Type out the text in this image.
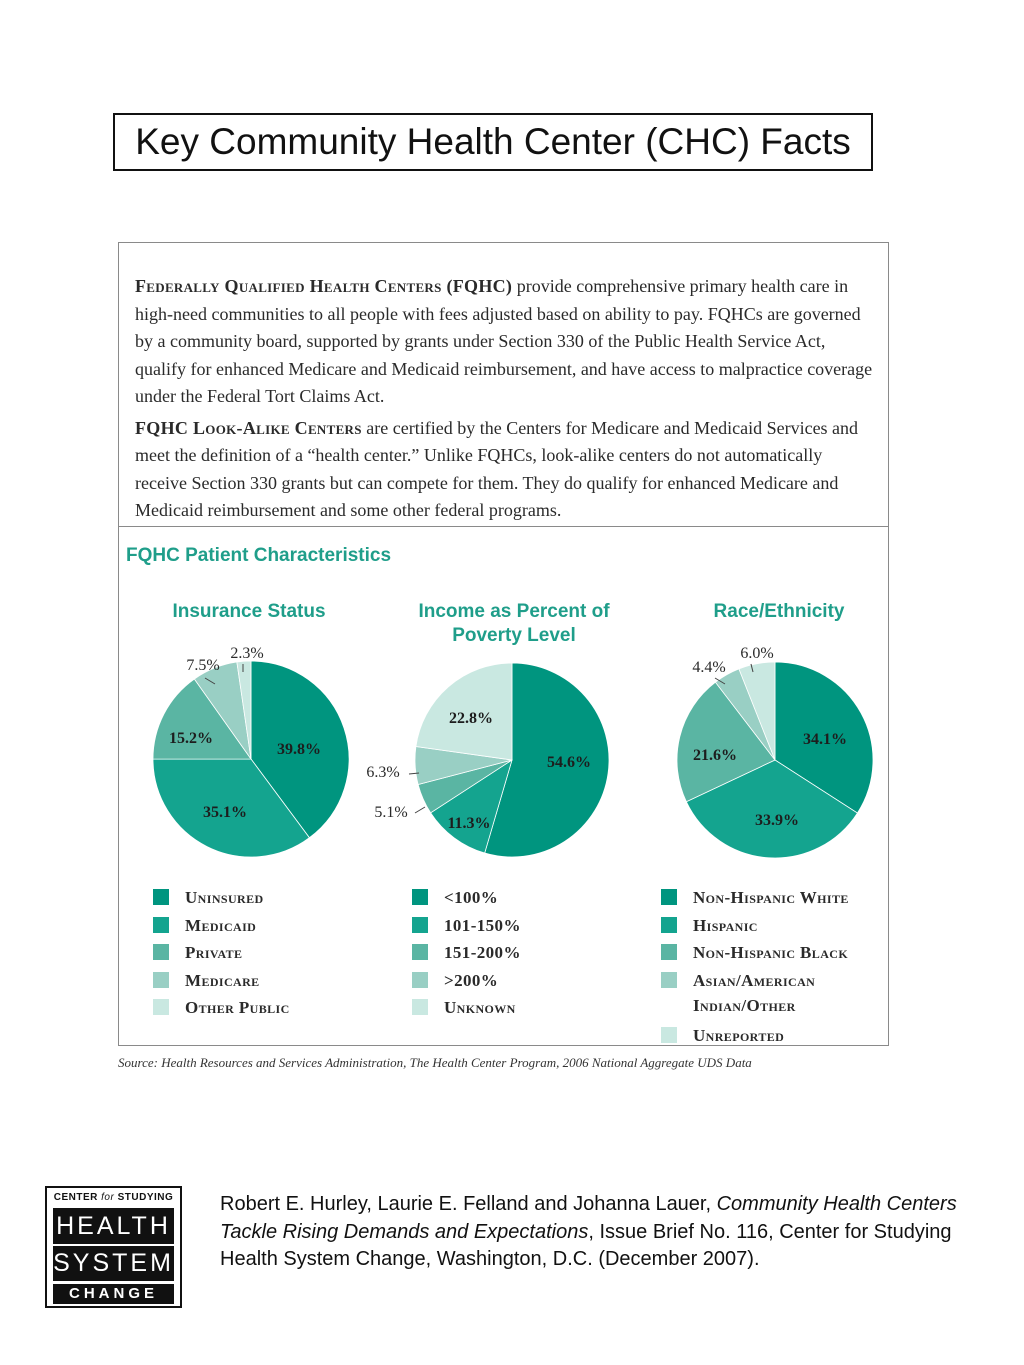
Key Community Health Center (CHC) Facts

Federally Qualified Health Centers (FQHC) provide comprehensive primary health care in high-need communities to all people with fees adjusted based on ability to pay. FQHCs are governed by a community board, supported by grants under Section 330 of the Public Health Service Act, qualify for enhanced Medicare and Medicaid reimbursement, and have access to malpractice coverage under the Federal Tort Claims Act.

FQHC Look-Alike Centers are certified by the Centers for Medicare and Medicaid Services and meet the definition of a “health center.” Unlike FQHCs, look-alike centers do not automatically receive Section 330 grants but can compete for them. They do qualify for enhanced Medicare and Medicaid reimbursement and some other federal programs.

FQHC Patient Characteristics
Insurance Status	Income as Percent of Poverty Level
Race/Ethnicity
39.8%
35.1%
15.2%
7.5%
2.3%
54.6%
11.3%
5.1%
6.3%
22.8%
34.1%
33.9%
21.6%
4.4%
6.0%
Uninsured
Medicaid
Private
Medicare
Other Public
<100%
101-150%
151-200%
>200%
Unknown
Non-Hispanic White
Hispanic
Non-Hispanic Black
Asian/American Indian/Other
Unreported
Source: Health Resources and Services Administration, The Health Center Program, 2006 National Aggregate UDS Data
CENTER for STUDYING
HEALTH
SYSTEM
CHANGE
Robert E. Hurley, Laurie E. Felland and Johanna Lauer, Community Health Centers Tackle Rising Demands and Expectations, Issue Brief No. 116, Center for Studying Health System Change, Washington, D.C. (December 2007).
